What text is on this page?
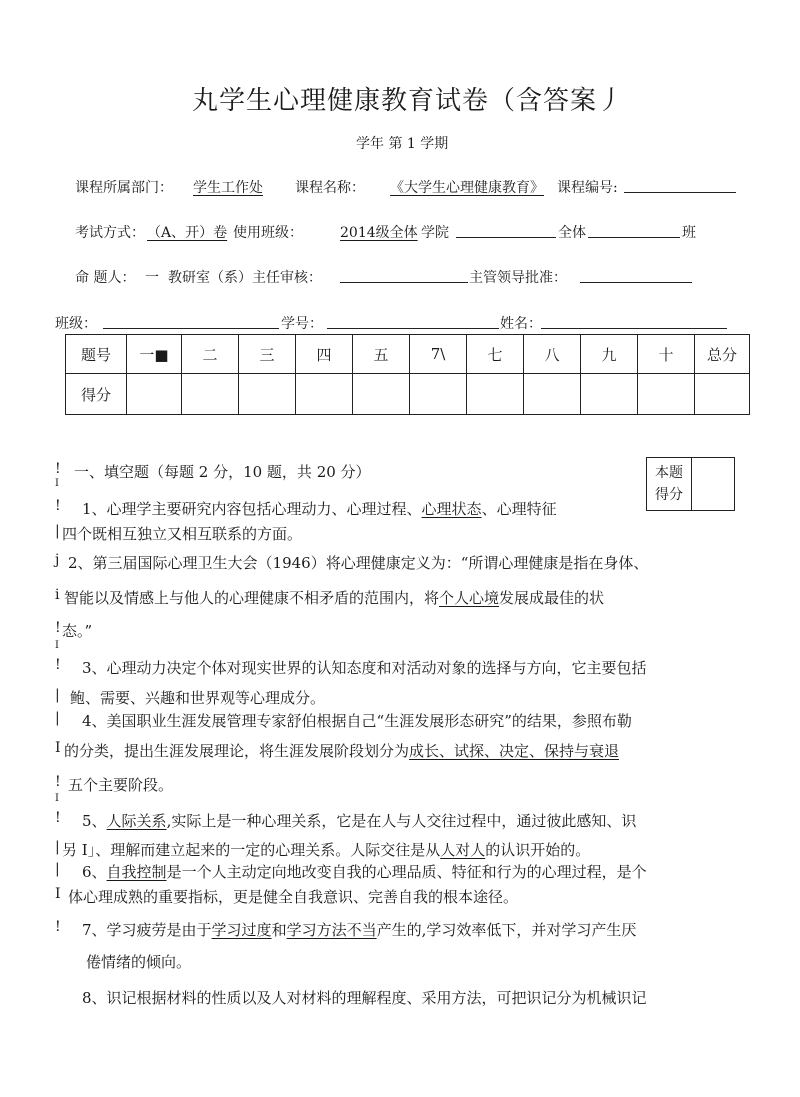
丸学生心理健康教育试卷（含答案丿
学年 第 1 学期
课程所属部门： 学生工作处 课程名称： 《大学生心理健康教育》 课程编号:
考试方式： （A、开）卷 使用班级：	2014级全体 学院	全体	班
命 题人： 一 教研室（系）主任审核：	主管领导批准：
班级：	学号：	姓名：
题号	一■	二	三	四	五	7\	七	八	九	十	总分
得分											
本题
得分

!
I
!
|
j
i
!
I
!
|
|
I
!
I
!
|
|
I
!
一、填空题（每题 2 分，10 题，共 20 分）
1、心理学主要研究内容包括心理动力、心理过程、心理状态、心理特征
四个既相互独立又相互联系的方面。
2、第三届国际心理卫生大会（1946）将心理健康定义为：“所谓心理健康是指在身体、
智能以及情感上与他人的心理健康不相矛盾的范围内，将个人心境发展成最佳的状
态。”
3、心理动力决定个体对现实世界的认知态度和对活动对象的选择与方向，它主要包括
鲍、需要、兴趣和世界观等心理成分。
4、美国职业生涯发展管理专家舒伯根据自己“生涯发展形态研究”的结果，参照布勒
的分类，提出生涯发展理论，将生涯发展阶段划分为成长、试探、决定、保持与衰退
五个主要阶段。
5、人际关系,实际上是一种心理关系，它是在人与人交往过程中，通过彼此感知、识
另 I」、理解而建立起来的一定的心理关系。人际交往是从人对人的认识开始的。
6、自我控制是一个人主动定向地改变自我的心理品质、特征和行为的心理过程，是个
体心理成熟的重要指标，更是健全自我意识、完善自我的根本途径。
7、学习疲劳是由于学习过度和学习方法不当产生的,学习效率低下，并对学习产生厌
倦情绪的倾向。
8、识记根据材料的性质以及人对材料的理解程度、采用方法，可把识记分为机械识记
